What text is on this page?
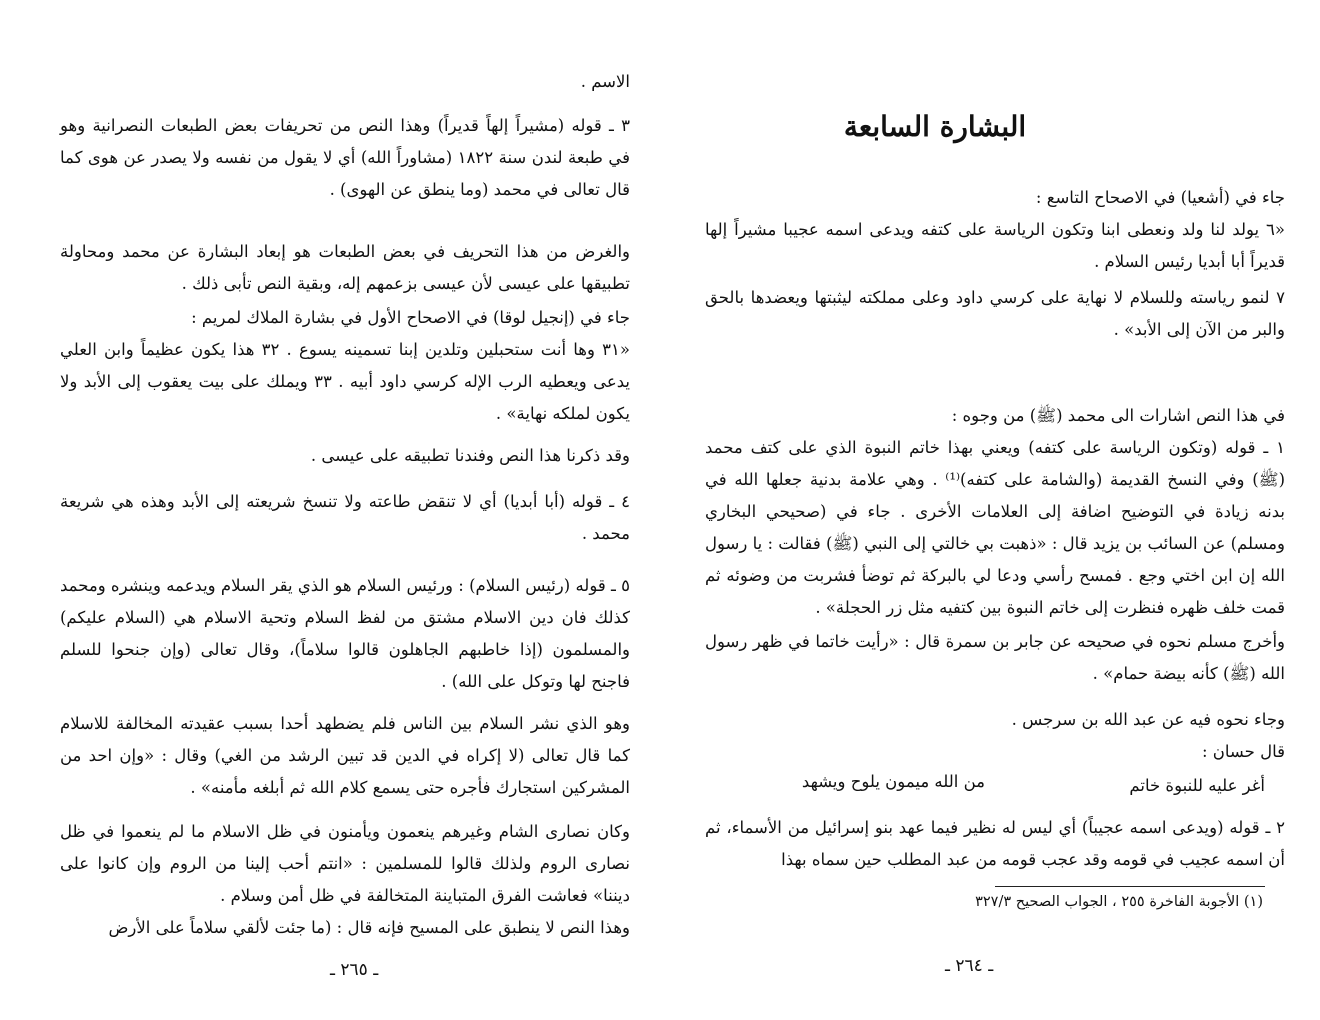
الاسم .
٣ ـ قوله (مشيراً إلهاً قديراً) وهذا النص من تحريفات بعض الطبعات النصرانية وهو في طبعة لندن سنة ١٨٢٢ (مشاوراً الله) أي لا يقول من نفسه ولا يصدر عن هوى كما قال تعالى في محمد (وما ينطق عن الهوى) .
والغرض من هذا التحريف في بعض الطبعات هو إبعاد البشارة عن محمد ومحاولة تطبيقها على عيسى لأن عيسى بزعمهم إله، وبقية النص تأبى ذلك .
جاء في (إنجيل لوقا) في الاصحاح الأول في بشارة الملاك لمريم :
«٣١ وها أنت ستحبلين وتلدين إبنا تسمينه يسوع . ٣٢ هذا يكون عظيماً وابن العلي يدعى ويعطيه الرب الإله كرسي داود أبيه . ٣٣ ويملك على بيت يعقوب إلى الأبد ولا يكون لملكه نهاية» .
وقد ذكرنا هذا النص وفندنا تطبيقه على عيسى .
٤ ـ قوله (أبا أبديا) أي لا تنقض طاعته ولا تنسخ شريعته إلى الأبد وهذه هي شريعة محمد .
٥ ـ قوله (رئيس السلام) : ورئيس السلام هو الذي يقر السلام ويدعمه وينشره ومحمد كذلك فان دين الاسلام مشتق من لفظ السلام وتحية الاسلام هي (السلام عليكم) والمسلمون (إذا خاطبهم الجاهلون قالوا سلاماً)، وقال تعالى (وإن جنحوا للسلم فاجنح لها وتوكل على الله) .
وهو الذي نشر السلام بين الناس فلم يضطهد أحدا بسبب عقيدته المخالفة للاسلام كما قال تعالى (لا إكراه في الدين قد تبين الرشد من الغي) وقال : «وإن احد من المشركين استجارك فأجره حتى يسمع كلام الله ثم أبلغه مأمنه» .
وكان نصارى الشام وغيرهم ينعمون ويأمنون في ظل الاسلام ما لم ينعموا في ظل نصارى الروم ولذلك قالوا للمسلمين : «انتم أحب إلينا من الروم وإن كانوا على ديننا» فعاشت الفرق المتباينة المتخالفة في ظل أمن وسلام .
وهذا النص لا ينطبق على المسيح فإنه قال : (ما جئت لألقي سلاماً على الأرض
ـ ٢٦٥ ـ
البشارة السابعة
جاء في (أشعيا) في الاصحاح التاسع :
«٦ يولد لنا ولد ونعطى ابنا وتكون الرياسة على كتفه ويدعى اسمه عجيبا مشيراً إلها قديراً أبا أبديا رئيس السلام .
٧ لنمو رياسته وللسلام لا نهاية على كرسي داود وعلى مملكته ليثبتها ويعضدها بالحق والبر من الآن إلى الأبد» .
في هذا النص اشارات الى محمد (ﷺ) من وجوه :
١ ـ قوله (وتكون الرياسة على كتفه) ويعني بهذا خاتم النبوة الذي على كتف محمد (ﷺ) وفي النسخ القديمة (والشامة على كتفه)⁽¹⁾ . وهي علامة بدنية جعلها الله في بدنه زيادة في التوضيح اضافة إلى العلامات الأخرى . جاء في (صحيحي البخاري ومسلم) عن السائب بن يزيد قال : «ذهبت بي خالتي إلى النبي (ﷺ) فقالت : يا رسول الله إن ابن اختي وجع . فمسح رأسي ودعا لي بالبركة ثم توضأ فشربت من وضوئه ثم قمت خلف ظهره فنظرت إلى خاتم النبوة بين كتفيه مثل زر الحجلة» .
وأخرج مسلم نحوه في صحيحه عن جابر بن سمرة قال : «رأيت خاتما في ظهر رسول الله (ﷺ) كأنه بيضة حمام» .
وجاء نحوه فيه عن عبد الله بن سرجس .
قال حسان :
أغر عليه للنبوة خاتم
من الله ميمون يلوح ويشهد
٢ ـ قوله (ويدعى اسمه عجيباً) أي ليس له نظير فيما عهد بنو إسرائيل من الأسماء، ثم أن اسمه عجيب في قومه وقد عجب قومه من عبد المطلب حين سماه بهذا
(١) الأجوبة الفاخرة ٢٥٥ ، الجواب الصحيح ٣٢٧/٣
ـ ٢٦٤ ـ
